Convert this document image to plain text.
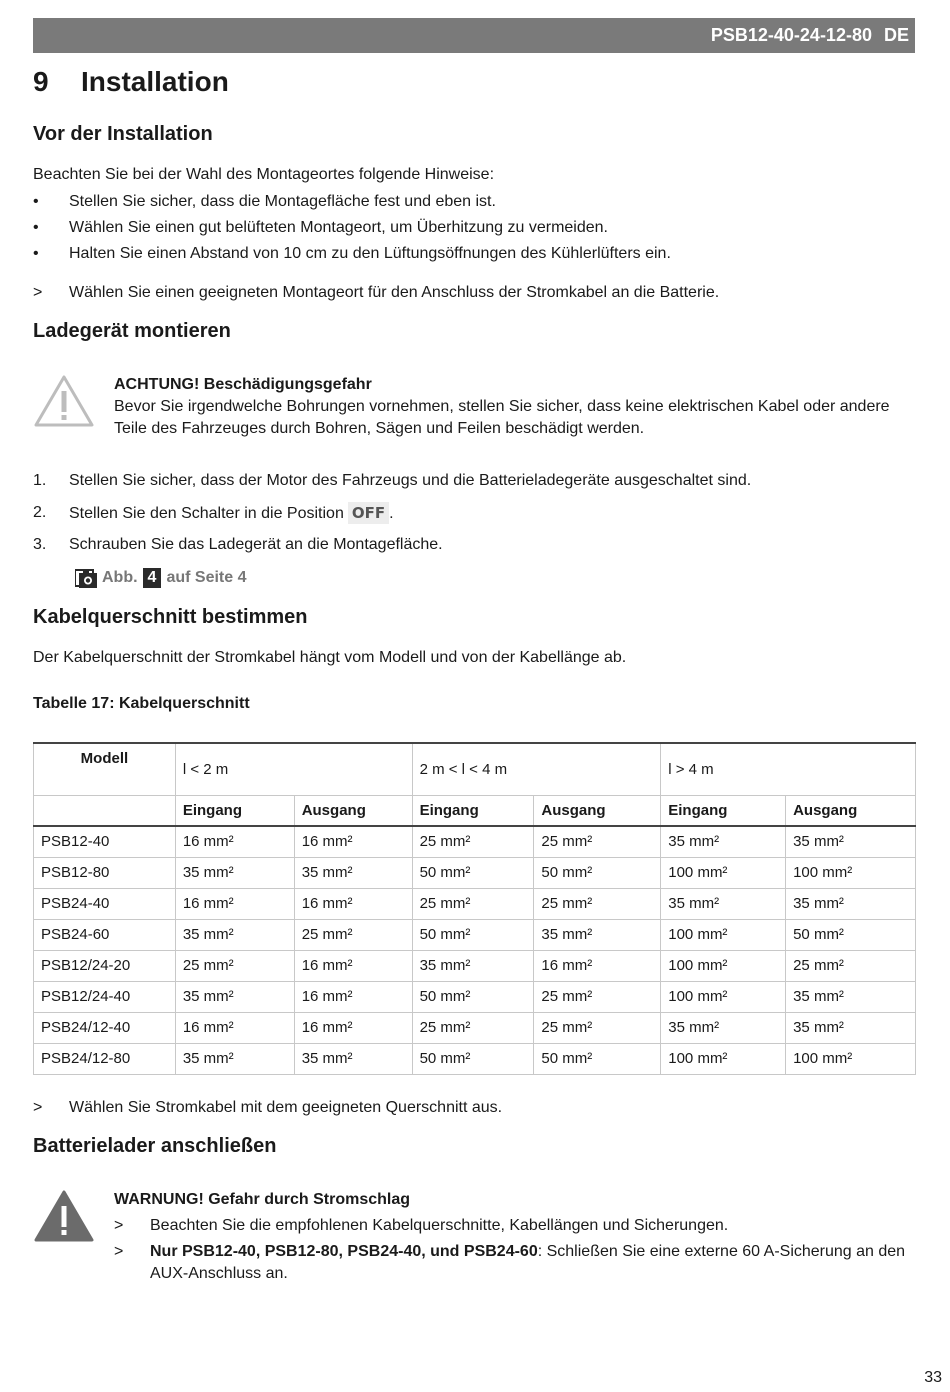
PSB12-40-24-12-80 DE
9 Installation
Vor der Installation

Beachten Sie bei der Wahl des Montageortes folgende Hinweise:

•	Stellen Sie sicher, dass die Montagefläche fest und eben ist.
•	Wählen Sie einen gut belüfteten Montageort, um Überhitzung zu vermeiden.
•	Halten Sie einen Abstand von 10 cm zu den Lüftungsöffnungen des Kühlerlüfters ein.
>	Wählen Sie einen geeigneten Montageort für den Anschluss der Stromkabel an die Batterie.
Ladegerät montieren
ACHTUNG! Beschädigungsgefahr
Bevor Sie irgendwelche Bohrungen vornehmen, stellen Sie sicher, dass keine elektrischen Kabel oder andere Teile des Fahrzeuges durch Bohren, Sägen und Feilen beschädigt werden.
1.	Stellen Sie sicher, dass der Motor des Fahrzeugs und die Batterieladegeräte ausgeschaltet sind.
2.	Stellen Sie den Schalter in die Position OFF .
3.	Schrauben Sie das Ladegerät an die Montagefläche.
Abb. 4 auf Seite 4
Kabelquerschnitt bestimmen

Der Kabelquerschnitt der Stromkabel hängt vom Modell und von der Kabellänge ab.

Tabelle 17: Kabelquerschnitt
Modell	l < 2 m		2 m < l < 4 m		l > 4 m	
	Eingang	Ausgang	Eingang	Ausgang	Eingang	Ausgang
PSB12-40	16 mm²	16 mm²	25 mm²	25 mm²	35 mm²	35 mm²
PSB12-80	35 mm²	35 mm²	50 mm²	50 mm²	100 mm²	100 mm²
PSB24-40	16 mm²	16 mm²	25 mm²	25 mm²	35 mm²	35 mm²
PSB24-60	35 mm²	25 mm²	50 mm²	35 mm²	100 mm²	50 mm²
PSB12/24-20	25 mm²	16 mm²	35 mm²	16 mm²	100 mm²	25 mm²
PSB12/24-40	35 mm²	16 mm²	50 mm²	25 mm²	100 mm²	35 mm²
PSB24/12-40	16 mm²	16 mm²	25 mm²	25 mm²	35 mm²	35 mm²
PSB24/12-80	35 mm²	35 mm²	50 mm²	50 mm²	100 mm²	100 mm²
>	Wählen Sie Stromkabel mit dem geeigneten Querschnitt aus.
Batterielader anschließen
WARNUNG! Gefahr durch Stromschlag
> Beachten Sie die empfohlenen Kabelquerschnitte, Kabellängen und Sicherungen.
> Nur PSB12-40, PSB12-80, PSB24-40, und PSB24-60: Schließen Sie eine externe 60 A-Sicherung an den AUX-Anschluss an.
33
